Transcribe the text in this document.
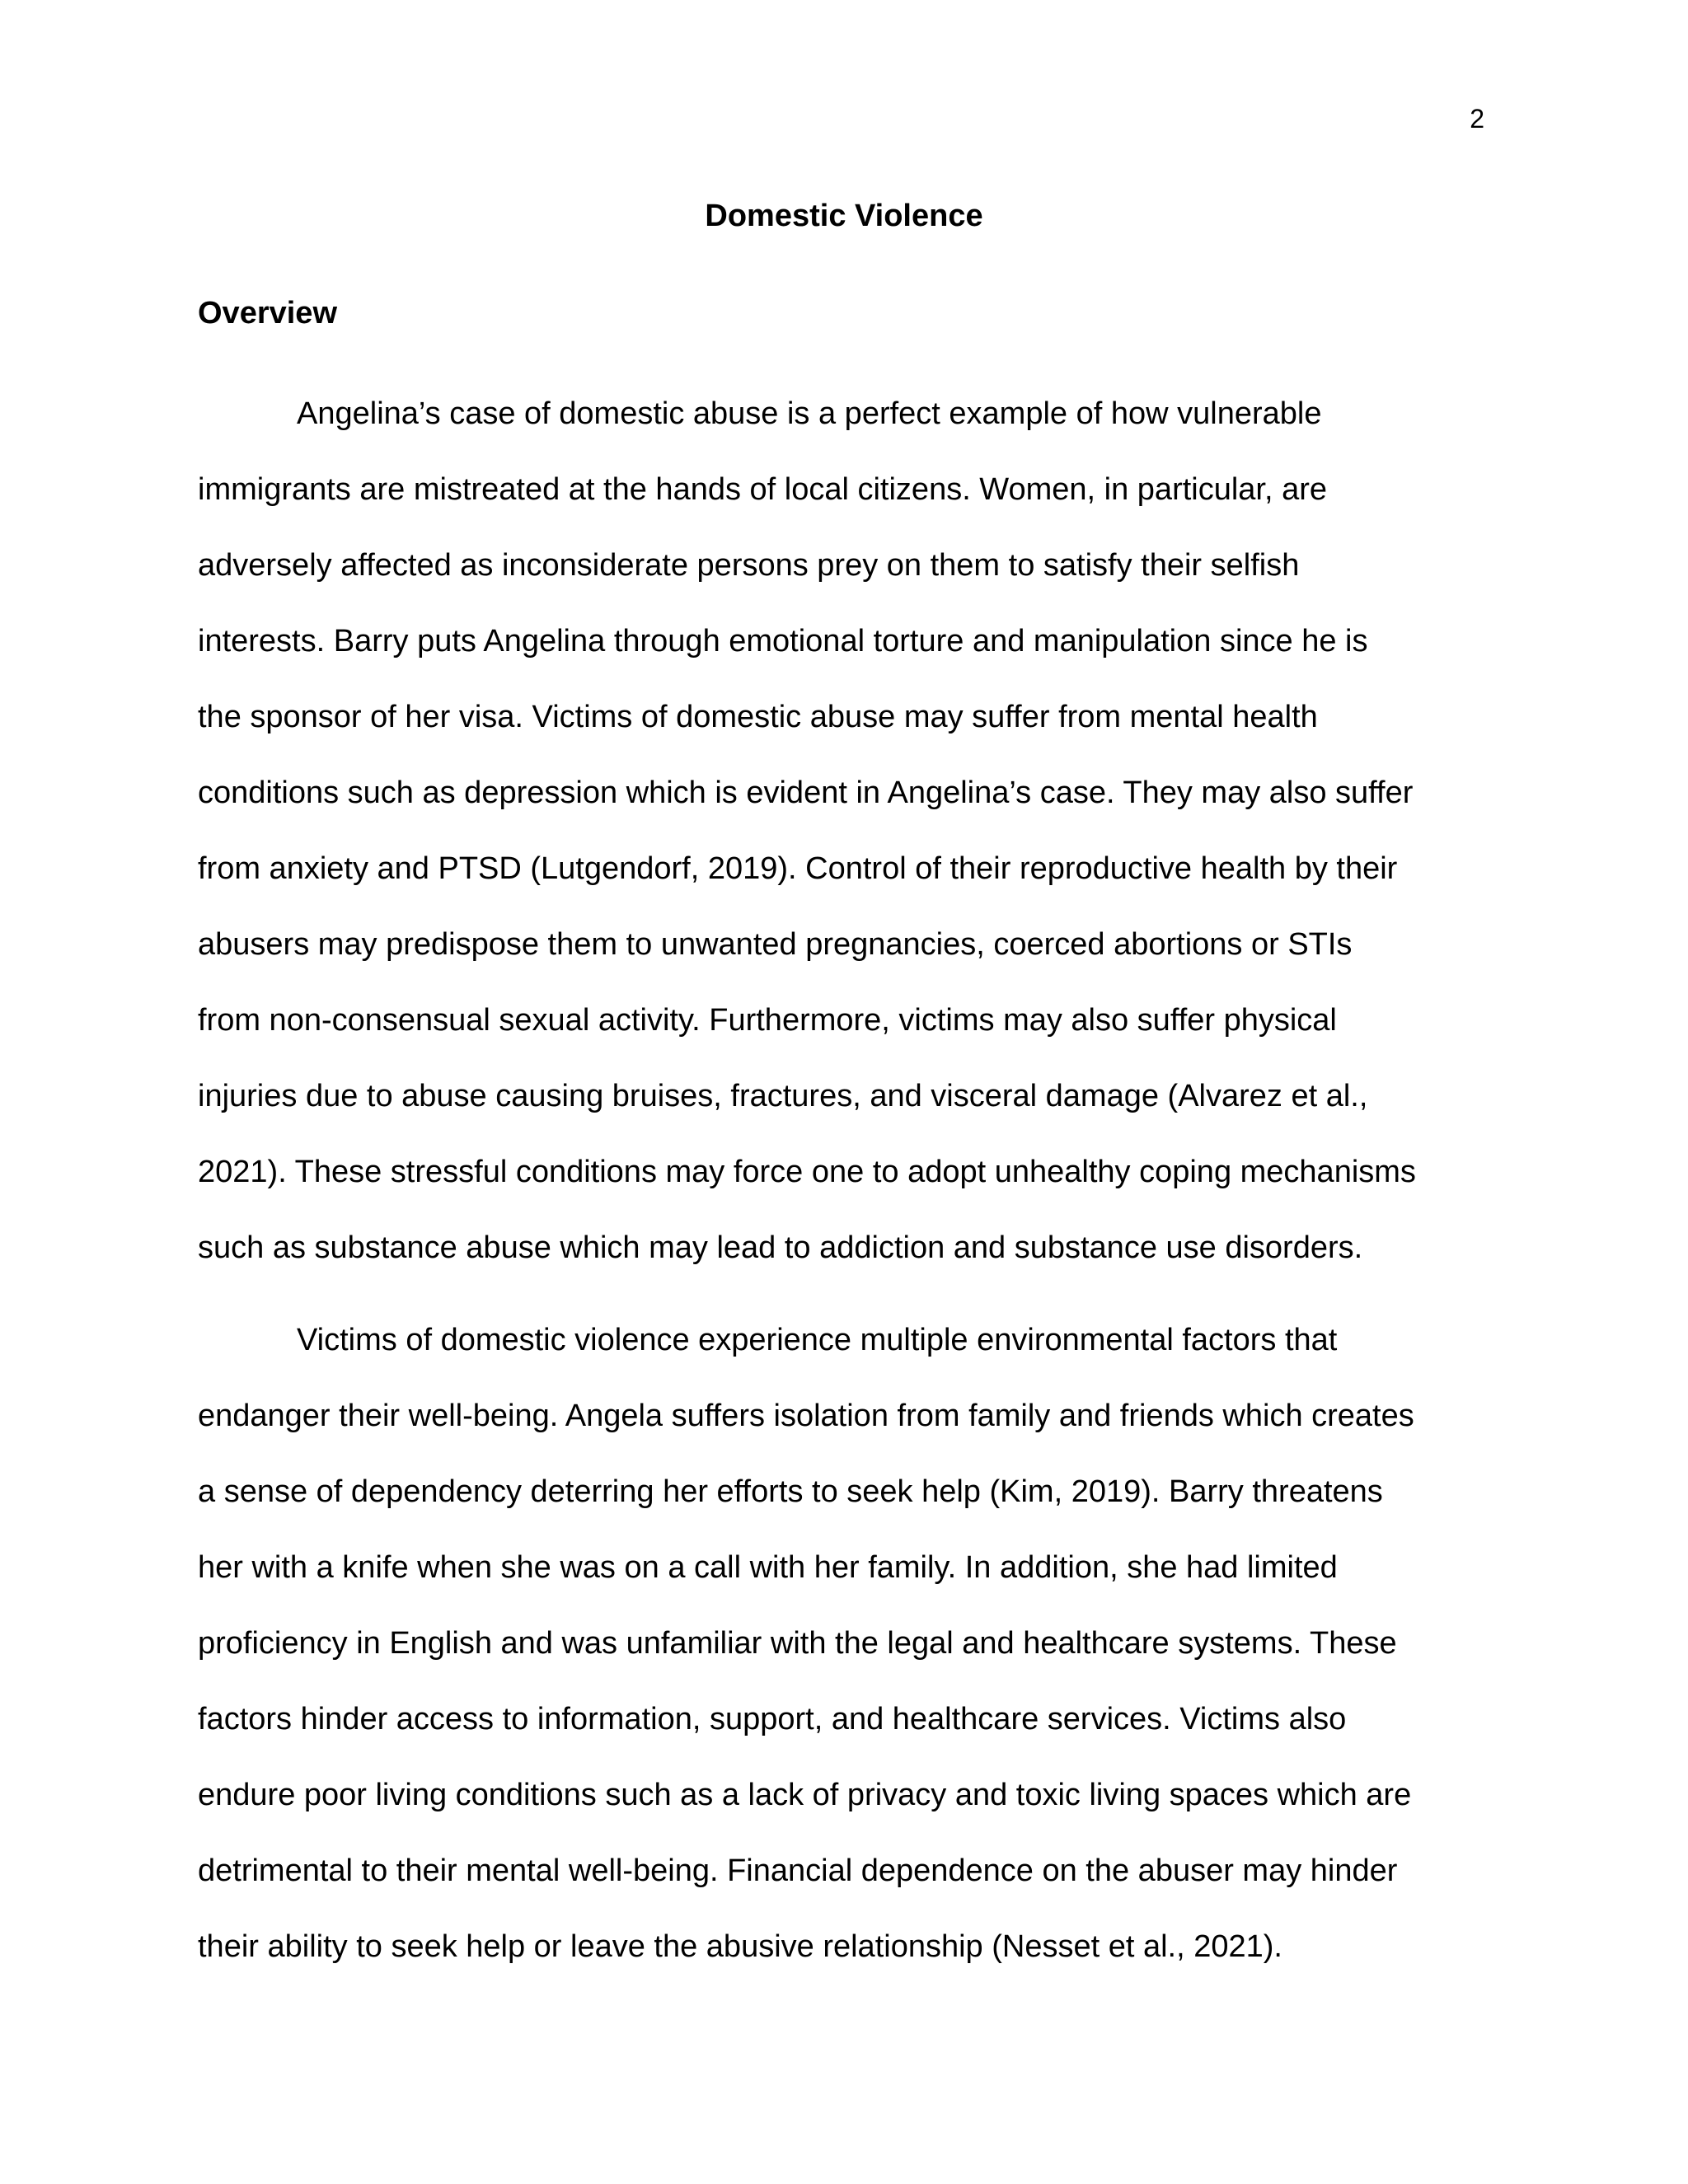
2
Domestic Violence
Overview
Angelina’s case of domestic abuse is a perfect example of how vulnerable
immigrants are mistreated at the hands of local citizens. Women, in particular, are
adversely affected as inconsiderate persons prey on them to satisfy their selfish
interests. Barry puts Angelina through emotional torture and manipulation since he is
the sponsor of her visa. Victims of domestic abuse may suffer from mental health
conditions such as depression which is evident in Angelina’s case. They may also suffer
from anxiety and PTSD (Lutgendorf, 2019). Control of their reproductive health by their
abusers may predispose them to unwanted pregnancies, coerced abortions or STIs
from non-consensual sexual activity. Furthermore, victims may also suffer physical
injuries due to abuse causing bruises, fractures, and visceral damage (Alvarez et al.,
2021). These stressful conditions may force one to adopt unhealthy coping mechanisms
such as substance abuse which may lead to addiction and substance use disorders.
Victims of domestic violence experience multiple environmental factors that
endanger their well-being. Angela suffers isolation from family and friends which creates
a sense of dependency deterring her efforts to seek help (Kim, 2019). Barry threatens
her with a knife when she was on a call with her family. In addition, she had limited
proficiency in English and was unfamiliar with the legal and healthcare systems. These
factors hinder access to information, support, and healthcare services. Victims also
endure poor living conditions such as a lack of privacy and toxic living spaces which are
detrimental to their mental well-being. Financial dependence on the abuser may hinder
their ability to seek help or leave the abusive relationship (Nesset et al., 2021).
